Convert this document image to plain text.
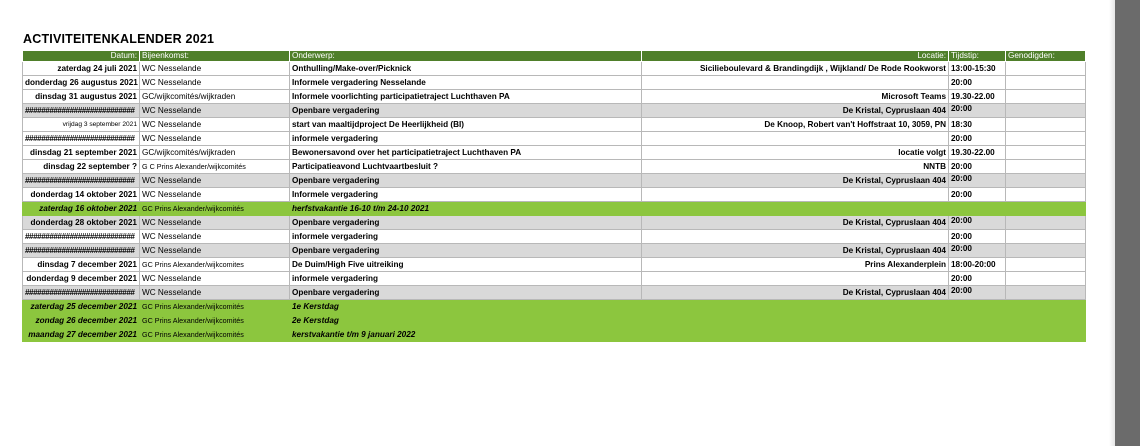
ACTIVITEITENKALENDER 2021
Datum:	Bijeenkomst:	Onderwerp:	Locatie:	Tijdstip:	Genodigden:
zaterdag 24 juli 2021	WC Nesselande	Onthulling/Make-over/Picknick	Sicilieboulevard & Brandingdijk , Wijkland/ De Rode Rookworst	13:00-15:30	
donderdag 26 augustus 2021	WC Nesselande	Informele vergadering Nesselande		20:00	
dinsdag 31 augustus 2021	GC/wijkcomités/wijkraden	Informele voorlichting participatietraject Luchthaven PA	Microsoft Teams	19.30-22.00	
###########################	WC Nesselande	Openbare vergadering	De Kristal, Cypruslaan 404	20:00	
vrijdag 3 september 2021	WC Nesselande	start van maaltijdproject De Heerlijkheid (BI)	De Knoop, Robert van't Hoffstraat 10, 3059, PN	18:30	
###########################	WC Nesselande	informele vergadering		20:00	
dinsdag 21 september 2021	GC/wijkcomités/wijkraden	Bewonersavond over het participatietraject Luchthaven PA	locatie volgt	19.30-22.00	
dinsdag 22 september ?	G C Prins Alexander/wijkcomités	Participatieavond Luchtvaartbesluit ?	NNTB	20:00	
###########################	WC Nesselande	Openbare vergadering	De Kristal, Cypruslaan 404	20:00	
donderdag 14 oktober 2021	WC Nesselande	Informele vergadering		20:00	
zaterdag 16 oktober 2021	GC Prins Alexander/wijkcomités	herfstvakantie 16-10 t/m 24-10 2021			
donderdag 28 oktober 2021	WC Nesselande	Openbare vergadering	De Kristal, Cypruslaan 404	20:00	
###########################	WC Nesselande	informele vergadering		20:00	
###########################	WC Nesselande	Openbare vergadering	De Kristal, Cypruslaan 404	20:00	
dinsdag 7 december 2021	GC Prins Alexander/wijkcomites	De Duim/High Five uitreiking	Prins Alexanderplein	18:00-20:00	
donderdag 9 december 2021	WC Nesselande	informele vergadering		20:00	
###########################	WC Nesselande	Openbare vergadering	De Kristal, Cypruslaan 404	20:00	
zaterdag 25 december 2021	GC Prins Alexander/wijkcomités	1e Kerstdag			
zondag 26 december 2021	GC Prins Alexander/wijkcomités	2e Kerstdag			
maandag 27 december 2021	GC Prins Alexander/wijkcomités	kerstvakantie t/m 9 januari 2022			
